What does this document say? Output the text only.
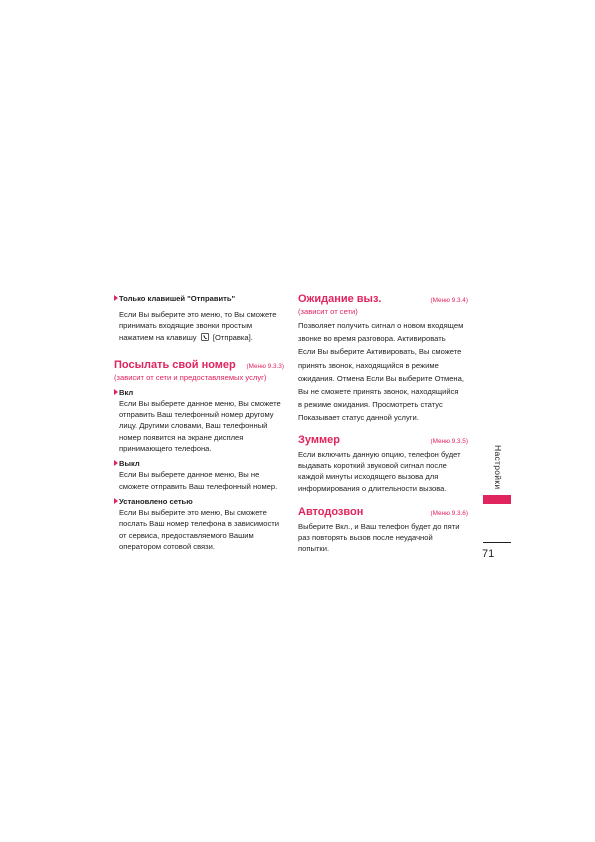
Только клавишей "Отправить"

Если Вы выберите это меню, то Вы сможете

принимать входящие звонки простым

нажатием на клавишу [Отправка].

Посылать свой номер (Меню 9.3.3)

(зависит от сети и предоставляемых услуг)

Вкл

Если Вы выберете данное меню, Вы сможете

отправить Ваш телефонный номер другому

лицу. Другими словами, Ваш телефонный

номер появится на экране дисплея

принимающего телефона.

Выкл

Если Вы выберете данное меню, Вы не

сможете отправить Ваш телефонный номер.

Установлено сетью

Если Вы выберите это меню, Вы сможете

послать Ваш номер телефона в зависимости

от сервиса, предоставляемого Вашим

оператором сотовой связи.

Ожидание выз.	(Меню 9.3.4)

(зависит от сети)

Позволяет получить сигнал о новом входящем

звонке во время разговора. Активировать

Если Вы выберите Активировать, Вы сможете

принять звонок, находящийся в режиме

ожидания. Отмена Если Вы выберите Отмена,

Вы не сможете принять звонок, находящийся

в режиме ожидания. Просмотреть статус

Показывает статус данной услуги.

Зуммер	(Меню 9.3.5)

Если включить данную опцию, телефон будет

выдавать короткий звуковой сигнал после

каждой минуты исходящего вызова для

информирования о длительности вызова.

Автодозвон	(Меню 9.3.6)

Выберите Вкл., и Ваш телефон будет до пяти

раз повторять вызов после неудачной

попытки.

Настройки
71
